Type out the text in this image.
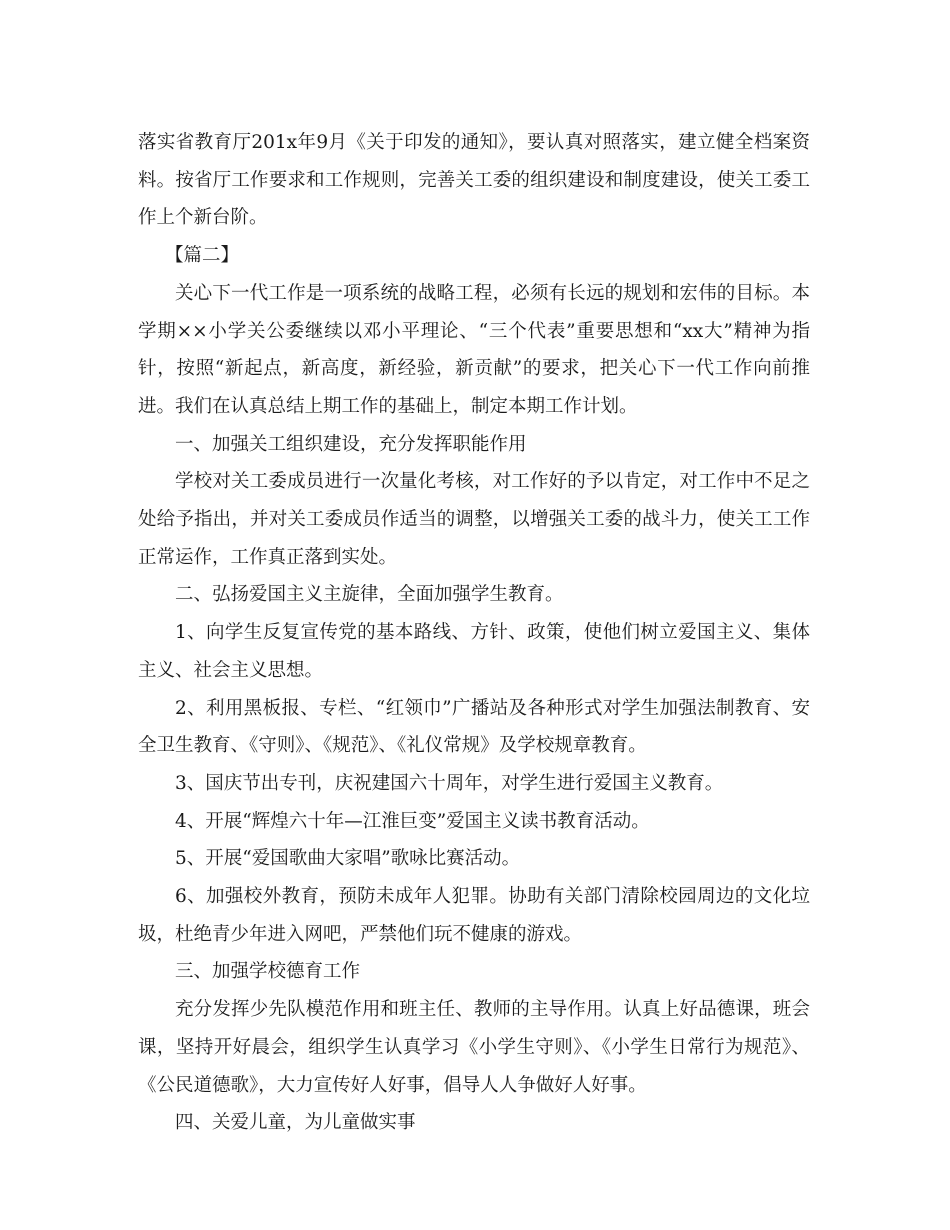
落实省教育厅201x年9月《关于印发的通知》，要认真对照落实，建立健全档案资料。按省厅工作要求和工作规则，完善关工委的组织建设和制度建设，使关工委工作上个新台阶。

【篇二】

关心下一代工作是一项系统的战略工程，必须有长远的规划和宏伟的目标。本学期××小学关公委继续以邓小平理论、“三个代表”重要思想和“xx大”精神为指针，按照“新起点，新高度，新经验，新贡献”的要求，把关心下一代工作向前推进。我们在认真总结上期工作的基础上，制定本期工作计划。

一、加强关工组织建设，充分发挥职能作用

学校对关工委成员进行一次量化考核，对工作好的予以肯定，对工作中不足之处给予指出，并对关工委成员作适当的调整，以增强关工委的战斗力，使关工工作正常运作，工作真正落到实处。

二、弘扬爱国主义主旋律，全面加强学生教育。

1、向学生反复宣传党的基本路线、方针、政策，使他们树立爱国主义、集体主义、社会主义思想。

2、利用黑板报、专栏、“红领巾”广播站及各种形式对学生加强法制教育、安全卫生教育、《守则》、《规范》、《礼仪常规》及学校规章教育。

3、国庆节出专刊，庆祝建国六十周年，对学生进行爱国主义教育。

4、开展“辉煌六十年—江淮巨变”爱国主义读书教育活动。

5、开展“爱国歌曲大家唱”歌咏比赛活动。

6、加强校外教育，预防未成年人犯罪。协助有关部门清除校园周边的文化垃圾，杜绝青少年进入网吧，严禁他们玩不健康的游戏。

三、加强学校德育工作

充分发挥少先队模范作用和班主任、教师的主导作用。认真上好品德课，班会课，坚持开好晨会，组织学生认真学习《小学生守则》、《小学生日常行为规范》、《公民道德歌》，大力宣传好人好事，倡导人人争做好人好事。

四、关爱儿童，为儿童做实事
